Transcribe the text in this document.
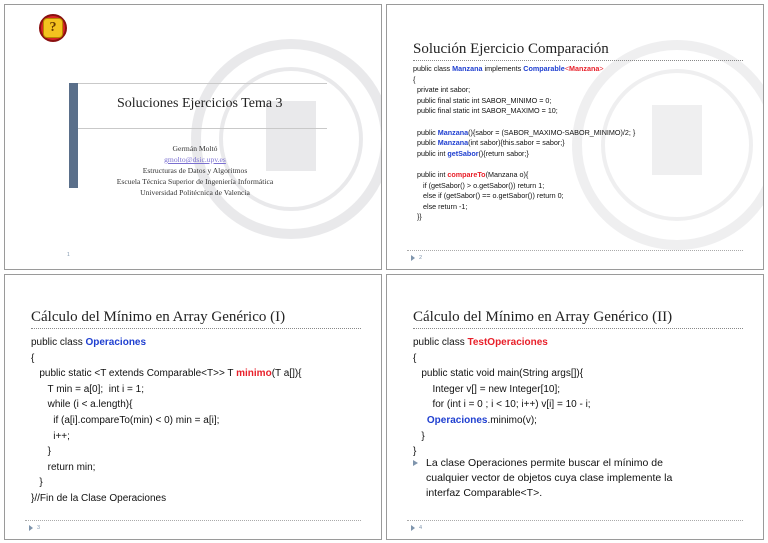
?
Soluciones Ejercicios Tema 3
Germán Moltó
gmolto@dsic.upv.es
Estructuras de Datos y Algoritmos
Escuela Técnica Superior de Ingeniería Informática
Universidad Politécnica de Valencia
1
Solución Ejercicio Comparación
public class Manzana implements Comparable<Manzana>
{
private int sabor;
public final static int SABOR_MINIMO = 0;
public final static int SABOR_MAXIMO = 10;

public Manzana(){sabor = (SABOR_MAXIMO-SABOR_MINIMO)/2; }
public Manzana(int sabor){this.sabor = sabor;}
public int getSabor(){return sabor;}

public int compareTo(Manzana o){
if (getSabor() > o.getSabor()) return 1;
else if (getSabor() == o.getSabor()) return 0;
else return -1;
}}
2
Cálculo del Mínimo en Array Genérico (I)
public class Operaciones
{
public static <T extends Comparable<T>> T minimo(T a[]){
T min = a[0];  int i = 1;
while (i < a.length){
if (a[i].compareTo(min) < 0) min = a[i];
i++;
}
return min;
}
}//Fin de la Clase Operaciones
3
Cálculo del Mínimo en Array Genérico (II)
public class TestOperaciones
{
public static void main(String args[]){
Integer v[] = new Integer[10];
for (int i = 0 ; i < 10; i++) v[i] = 10 - i;
Operaciones.minimo(v);
}
}
La clase Operaciones permite buscar el mínimo de cualquier vector de objetos cuya clase implemente la interfaz Comparable<T>.
4
